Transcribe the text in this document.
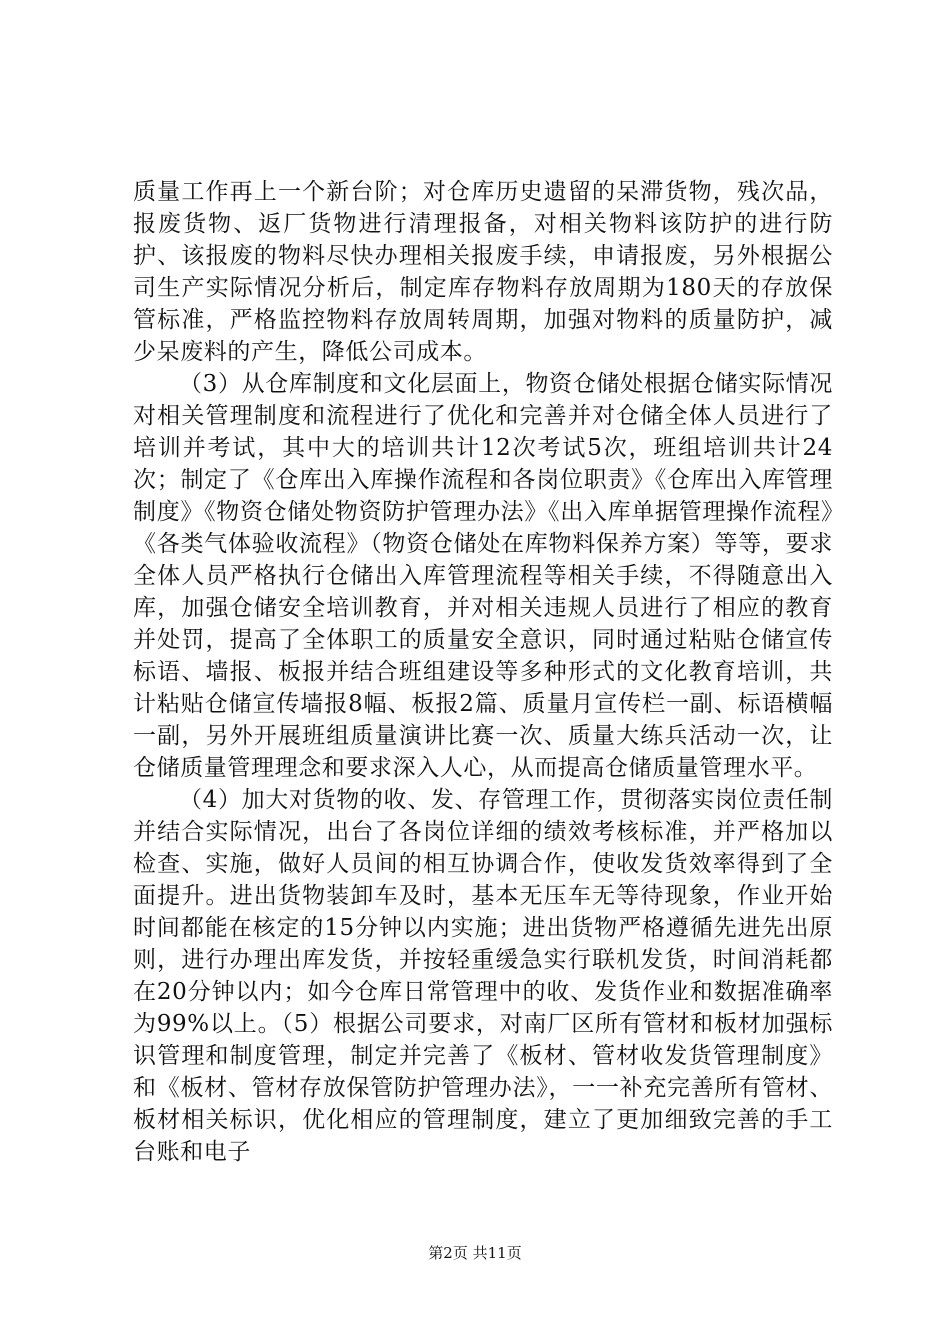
质量工作再上一个新台阶；对仓库历史遗留的呆滞货物，残次品，报废货物、返厂货物进行清理报备，对相关物料该防护的进行防护、该报废的物料尽快办理相关报废手续，申请报废，另外根据公司生产实际情况分析后，制定库存物料存放周期为180天的存放保管标准，严格监控物料存放周转周期，加强对物料的质量防护，减少呆废料的产生，降低公司成本。

（3）从仓库制度和文化层面上，物资仓储处根据仓储实际情况对相关管理制度和流程进行了优化和完善并对仓储全体人员进行了培训并考试，其中大的培训共计12次考试5次，班组培训共计24次；制定了《仓库出入库操作流程和各岗位职责》《仓库出入库管理制度》《物资仓储处物资防护管理办法》《出入库单据管理操作流程》《各类气体验收流程》（物资仓储处在库物料保养方案）等等，要求全体人员严格执行仓储出入库管理流程等相关手续，不得随意出入库，加强仓储安全培训教育，并对相关违规人员进行了相应的教育并处罚，提高了全体职工的质量安全意识，同时通过粘贴仓储宣传标语、墙报、板报并结合班组建设等多种形式的文化教育培训，共计粘贴仓储宣传墙报8幅、板报2篇、质量月宣传栏一副、标语横幅一副，另外开展班组质量演讲比赛一次、质量大练兵活动一次，让仓储质量管理理念和要求深入人心，从而提高仓储质量管理水平。

（4）加大对货物的收、发、存管理工作，贯彻落实岗位责任制并结合实际情况，出台了各岗位详细的绩效考核标准，并严格加以检查、实施，做好人员间的相互协调合作，使收发货效率得到了全面提升。进出货物装卸车及时，基本无压车无等待现象，作业开始时间都能在核定的15分钟以内实施；进出货物严格遵循先进先出原则，进行办理出库发货，并按轻重缓急实行联机发货，时间消耗都在20分钟以内；如今仓库日常管理中的收、发货作业和数据准确率为99%以上。（5）根据公司要求，对南厂区所有管材和板材加强标识管理和制度管理，制定并完善了《板材、管材收发货管理制度》和《板材、管材存放保管防护管理办法》，一一补充完善所有管材、板材相关标识，优化相应的管理制度，建立了更加细致完善的手工台账和电子

第2页 共11页
